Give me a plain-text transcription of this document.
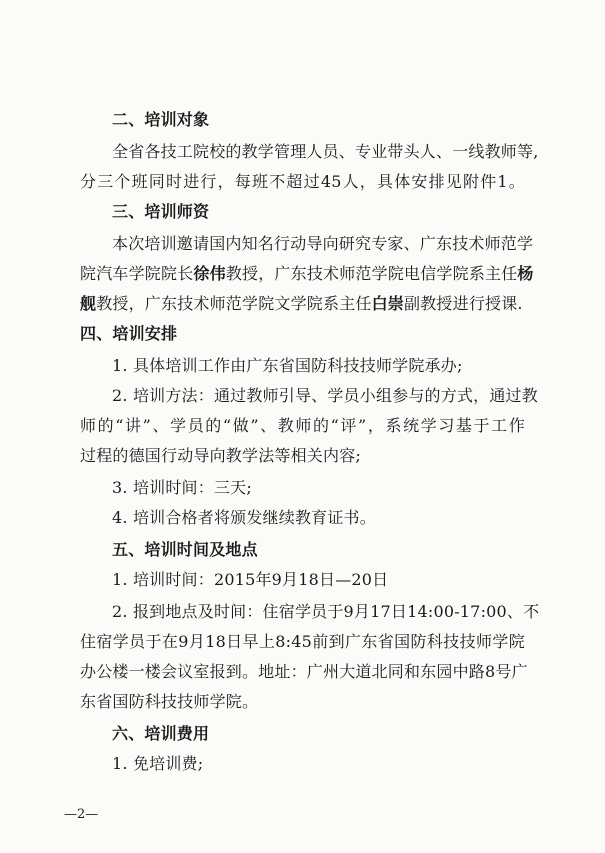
二、培训对象
全省各技工院校的教学管理人员、专业带头人、一线教师等,
分三个班同时进行，每班不超过45人，具体安排见附件1。
三、培训师资
本次培训邀请国内知名行动导向研究专家、广东技术师范学
院汽车学院院长徐伟教授，广东技术师范学院电信学院系主任杨
舰教授，广东技术师范学院文学院系主任白崇副教授进行授课.
四、培训安排
1. 具体培训工作由广东省国防科技技师学院承办;
2. 培训方法：通过教师引导、学员小组参与的方式，通过教
师的“讲”、学员的“做”、教师的“评”，系统学习基于工作
过程的德国行动导向教学法等相关内容;
3. 培训时间：三天;
4. 培训合格者将颁发继续教育证书。
五、培训时间及地点
1. 培训时间：2015年9月18日—20日
2. 报到地点及时间：住宿学员于9月17日14:00-17:00、不
住宿学员于在9月18日早上8:45前到广东省国防科技技师学院
办公楼一楼会议室报到。地址：广州大道北同和东园中路8号广
东省国防科技技师学院。
六、培训费用
1. 免培训费;
—2—
